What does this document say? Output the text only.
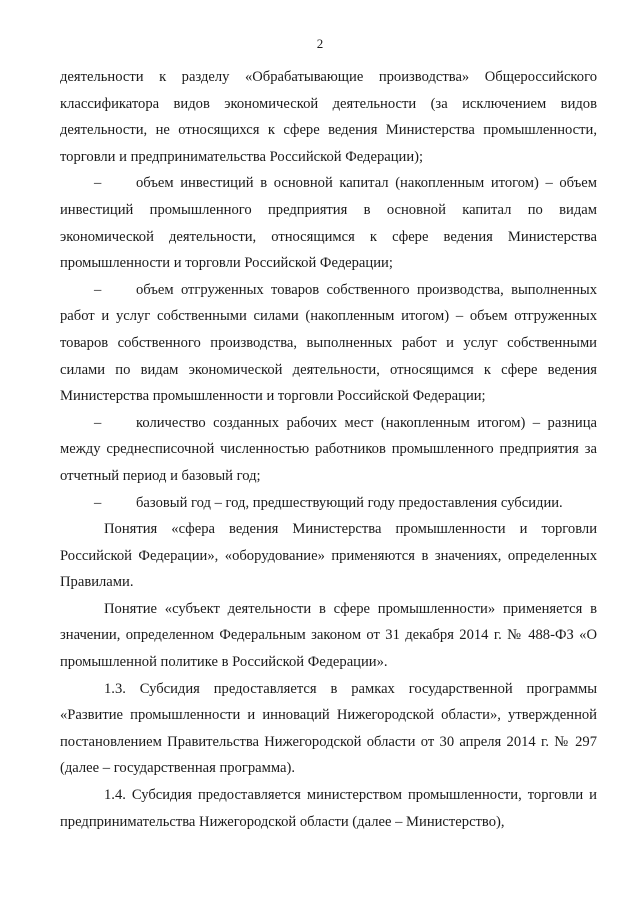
2

деятельности к разделу «Обрабатывающие производства» Общероссийского классификатора видов экономической деятельности (за исключением видов деятельности, не относящихся к сфере ведения Министерства промышленности, торговли и предпринимательства Российской Федерации);

– объем инвестиций в основной капитал (накопленным итогом) – объем инвестиций промышленного предприятия в основной капитал по видам экономической деятельности, относящимся к сфере ведения Министерства промышленности и торговли Российской Федерации;

– объем отгруженных товаров собственного производства, выполненных работ и услуг собственными силами (накопленным итогом) – объем отгруженных товаров собственного производства, выполненных работ и услуг собственными силами по видам экономической деятельности, относящимся к сфере ведения Министерства промышленности и торговли Российской Федерации;

– количество созданных рабочих мест (накопленным итогом) – разница между среднесписочной численностью работников промышленного предприятия за отчетный период и базовый год;

– базовый год – год, предшествующий году предоставления субсидии.

Понятия «сфера ведения Министерства промышленности и торговли Российской Федерации», «оборудование» применяются в значениях, определенных Правилами.

Понятие «субъект деятельности в сфере промышленности» применяется в значении, определенном Федеральным законом от 31 декабря 2014 г. № 488-ФЗ «О промышленной политике в Российской Федерации».

1.3. Субсидия предоставляется в рамках государственной программы «Развитие промышленности и инноваций Нижегородской области», утвержденной постановлением Правительства Нижегородской области от 30 апреля 2014 г. № 297 (далее – государственная программа).

1.4. Субсидия предоставляется министерством промышленности, торговли и предпринимательства Нижегородской области (далее – Министерство),
